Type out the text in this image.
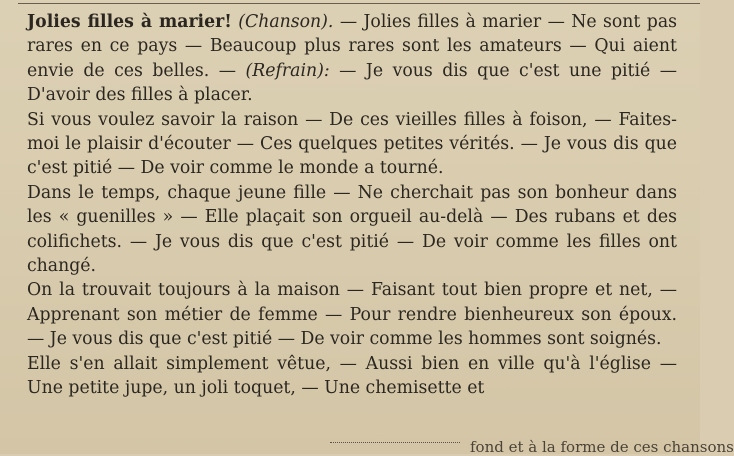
Jolies filles à marier! (Chanson). — Jolies filles à marier — Ne sont pas rares en ce pays — Beaucoup plus rares sont les amateurs — Qui aient envie de ces belles. — (Refrain): — Je vous dis que c'est une pitié — D'avoir des filles à placer.

Si vous voulez savoir la raison — De ces vieilles filles à foison, — Faites-moi le plaisir d'écouter — Ces quelques petites vérités. — Je vous dis que c'est pitié — De voir comme le monde a tourné.

Dans le temps, chaque jeune fille — Ne cherchait pas son bonheur dans les « guenilles » — Elle plaçait son orgueil au-delà — Des rubans et des colifichets. — Je vous dis que c'est pitié — De voir comme les filles ont changé.

On la trouvait toujours à la maison — Faisant tout bien propre et net, — Apprenant son métier de femme — Pour rendre bienheureux son époux. — Je vous dis que c'est pitié — De voir comme les hommes sont soignés.

Elle s'en allait simplement vêtue, — Aussi bien en ville qu'à l'église — Une petite jupe, un joli toquet, — Une chemisette et

fond et à la forme de ces chansons
